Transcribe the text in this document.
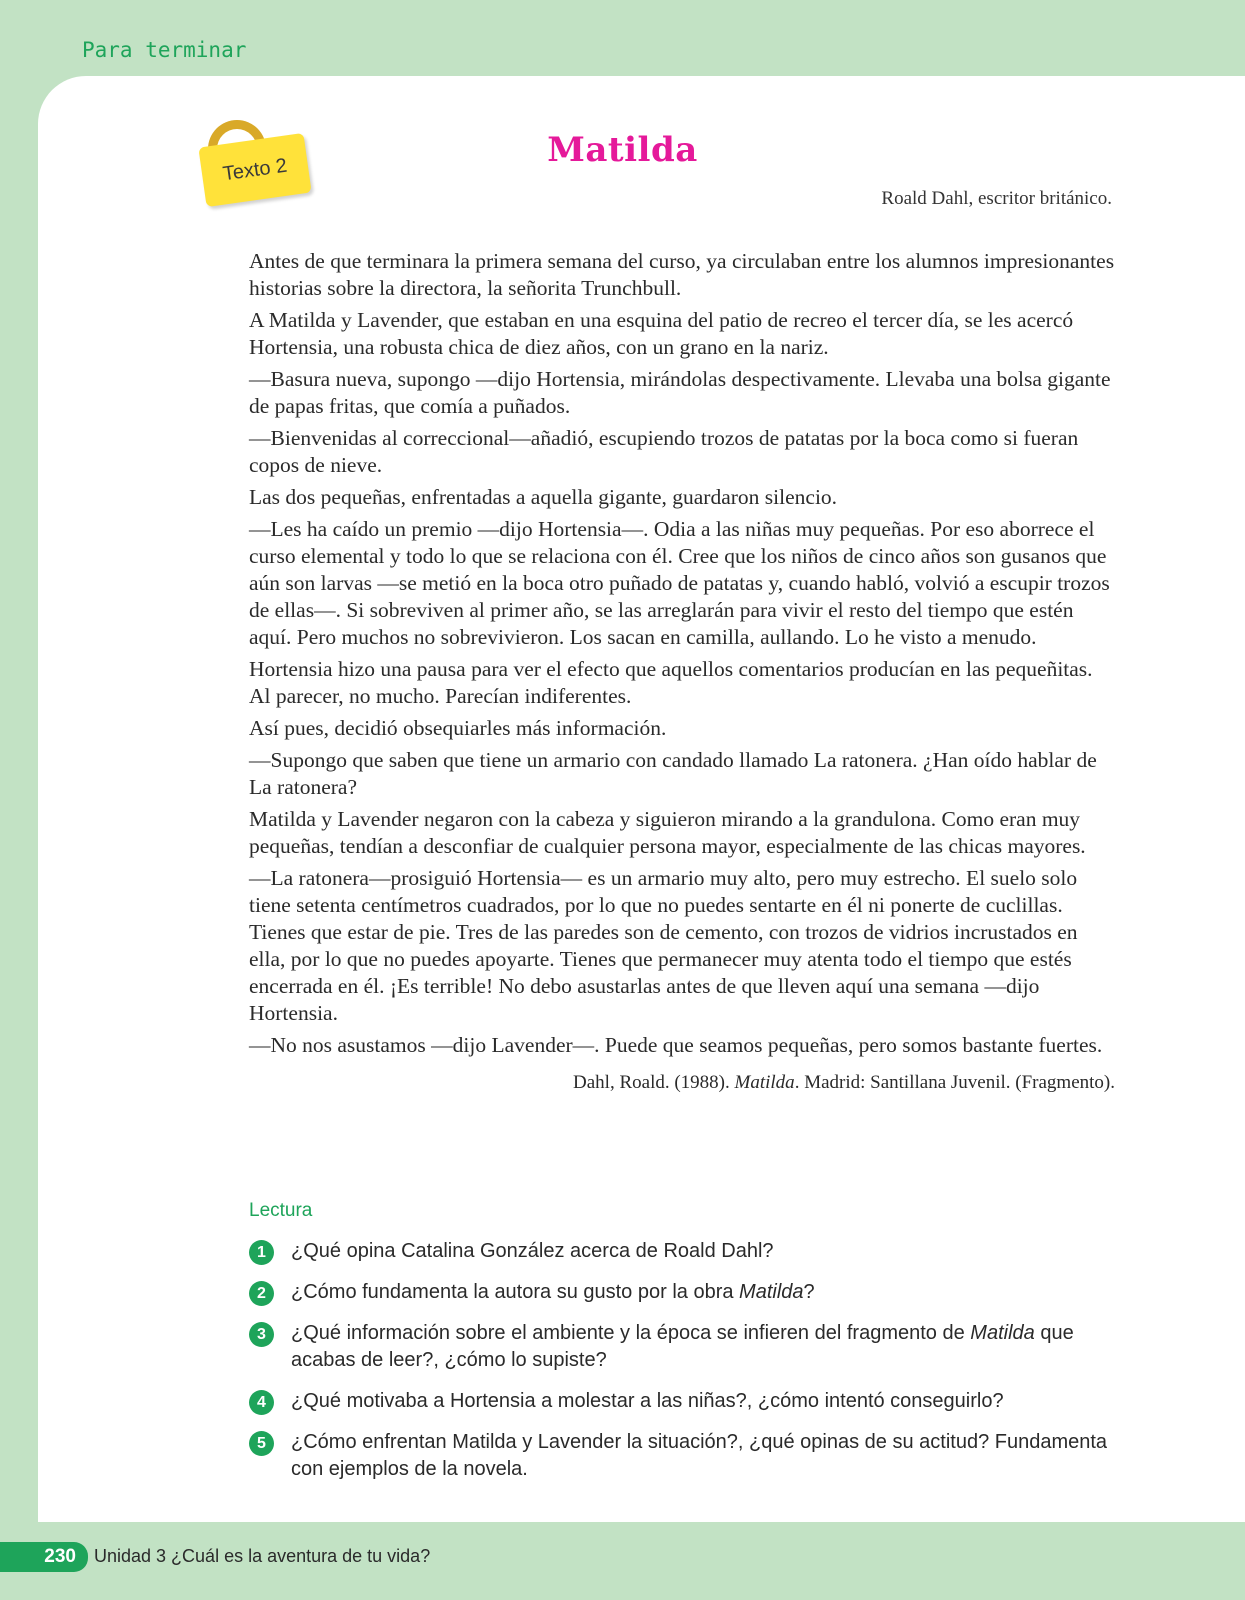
Para terminar
Texto 2	Matilda
Roald Dahl, escritor británico.

Antes de que terminara la primera semana del curso, ya circulaban entre los alumnos impresionantes historias sobre la directora, la señorita Trunchbull.

A Matilda y Lavender, que estaban en una esquina del patio de recreo el tercer día, se les acercó Hortensia, una robusta chica de diez años, con un grano en la nariz.

—Basura nueva, supongo —dijo Hortensia, mirándolas despectivamente. Llevaba una bolsa gigante de papas fritas, que comía a puñados.

—Bienvenidas al correccional—añadió, escupiendo trozos de patatas por la boca como si fueran copos de nieve.

Las dos pequeñas, enfrentadas a aquella gigante, guardaron silencio.

—Les ha caído un premio —dijo Hortensia—. Odia a las niñas muy pequeñas. Por eso aborrece el curso elemental y todo lo que se relaciona con él. Cree que los niños de cinco años son gusanos que aún son larvas —se metió en la boca otro puñado de patatas y, cuando habló, volvió a escupir trozos de ellas—. Si sobreviven al primer año, se las arreglarán para vivir el resto del tiempo que estén aquí. Pero muchos no sobrevivieron. Los sacan en camilla, aullando. Lo he visto a menudo.

Hortensia hizo una pausa para ver el efecto que aquellos comentarios producían en las pequeñitas. Al parecer, no mucho. Parecían indiferentes.

Así pues, decidió obsequiarles más información.

—Supongo que saben que tiene un armario con candado llamado La ratonera. ¿Han oído hablar de La ratonera?

Matilda y Lavender negaron con la cabeza y siguieron mirando a la grandulona. Como eran muy pequeñas, tendían a desconfiar de cualquier persona mayor, especialmente de las chicas mayores.

—La ratonera—prosiguió Hortensia— es un armario muy alto, pero muy estrecho. El suelo solo tiene setenta centímetros cuadrados, por lo que no puedes sentarte en él ni ponerte de cuclillas. Tienes que estar de pie. Tres de las paredes son de cemento, con trozos de vidrios incrustados en ella, por lo que no puedes apoyarte. Tienes que permanecer muy atenta todo el tiempo que estés encerrada en él. ¡Es terrible! No debo asustarlas antes de que lleven aquí una semana —dijo Hortensia.

—No nos asustamos —dijo Lavender—. Puede que seamos pequeñas, pero somos bastante fuertes.

Dahl, Roald. (1988). Matilda. Madrid: Santillana Juvenil. (Fragmento).
Lectura
1	¿Qué opina Catalina González acerca de Roald Dahl?
2	¿Cómo fundamenta la autora su gusto por la obra Matilda?
3	¿Qué información sobre el ambiente y la época se infieren del fragmento de Matilda que acabas de leer?, ¿cómo lo supiste?
4	¿Qué motivaba a Hortensia a molestar a las niñas?, ¿cómo intentó conseguirlo?
5	¿Cómo enfrentan Matilda y Lavender la situación?, ¿qué opinas de su actitud? Fundamenta con ejemplos de la novela.
230	Unidad 3 ¿Cuál es la aventura de tu vida?
